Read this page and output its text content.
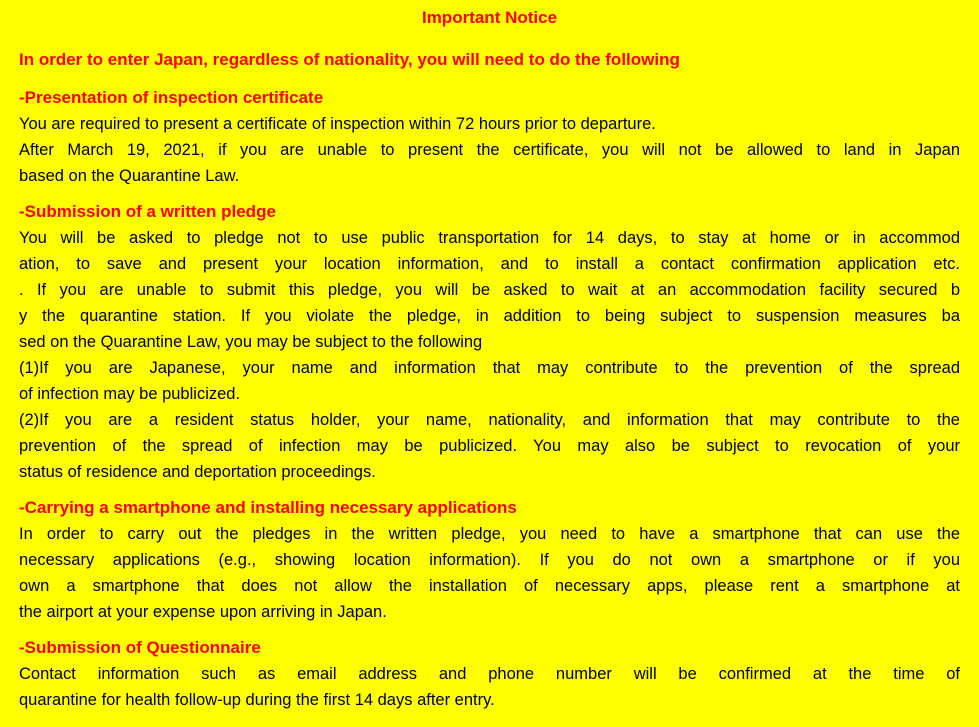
Important Notice
In order to enter Japan, regardless of nationality, you will need to do the following
-Presentation of inspection certificate
You are required to present a certificate of inspection within 72 hours prior to departure.
After March 19, 2021, if you are unable to present the certificate, you will not be allowed to land in Japan
based on the Quarantine Law.
-Submission of a written pledge
You will be asked to pledge not to use public transportation for 14 days, to stay at home or in accommod
ation, to save and present your location information, and to install a contact confirmation application etc.
. If you are unable to submit this pledge, you will be asked to wait at an accommodation facility secured b
y the quarantine station. If you violate the pledge, in addition to being subject to suspension measures ba
sed on the Quarantine Law, you may be subject to the following
(1)If you are Japanese, your name and information that may contribute to the prevention of the spread
of infection may be publicized.
(2)If you are a resident status holder, your name, nationality, and information that may contribute to the
prevention of the spread of infection may be publicized. You may also be subject to revocation of your
status of residence and deportation proceedings.
-Carrying a smartphone and installing necessary applications
In order to carry out the pledges in the written pledge, you need to have a smartphone that can use the
necessary applications (e.g., showing location information). If you do not own a smartphone or if you
own a smartphone that does not allow the installation of necessary apps, please rent a smartphone at
the airport at your expense upon arriving in Japan.
-Submission of Questionnaire
Contact information such as email address and phone number will be confirmed at the time of
quarantine for health follow-up during the first 14 days after entry.
